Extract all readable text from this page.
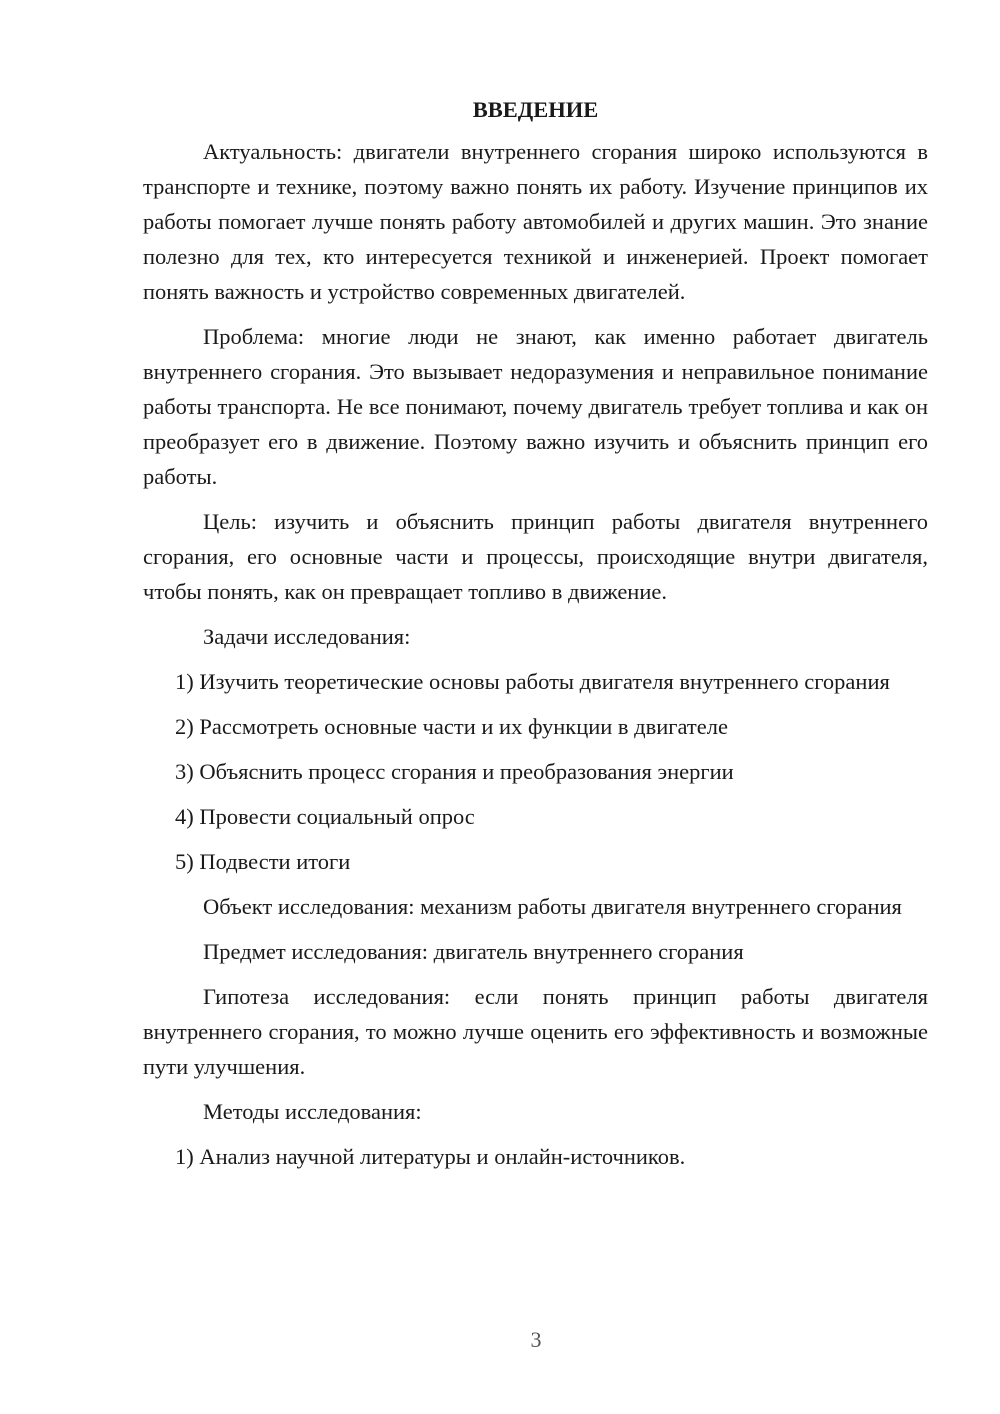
ВВЕДЕНИЕ

Актуальность: двигатели внутреннего сгорания широко используются в транспорте и технике, поэтому важно понять их работу. Изучение принципов их работы помогает лучше понять работу автомобилей и других машин. Это знание полезно для тех, кто интересуется техникой и инженерией. Проект помогает понять важность и устройство современных двигателей.

Проблема: многие люди не знают, как именно работает двигатель внутреннего сгорания. Это вызывает недоразумения и неправильное понимание работы транспорта. Не все понимают, почему двигатель требует топлива и как он преобразует его в движение. Поэтому важно изучить и объяснить принцип его работы.

Цель: изучить и объяснить принцип работы двигателя внутреннего сгорания, его основные части и процессы, происходящие внутри двигателя, чтобы понять, как он превращает топливо в движение.

Задачи исследования:

1) Изучить теоретические основы работы двигателя внутреннего сгорания

2) Рассмотреть основные части и их функции в двигателе

3) Объяснить процесс сгорания и преобразования энергии

4) Провести социальный опрос

5) Подвести итоги

Объект исследования: механизм работы двигателя внутреннего сгорания

Предмет исследования: двигатель внутреннего сгорания

Гипотеза исследования: если понять принцип работы двигателя внутреннего сгорания, то можно лучше оценить его эффективность и возможные пути улучшения.

Методы исследования:

1) Анализ научной литературы и онлайн-источников.

3
